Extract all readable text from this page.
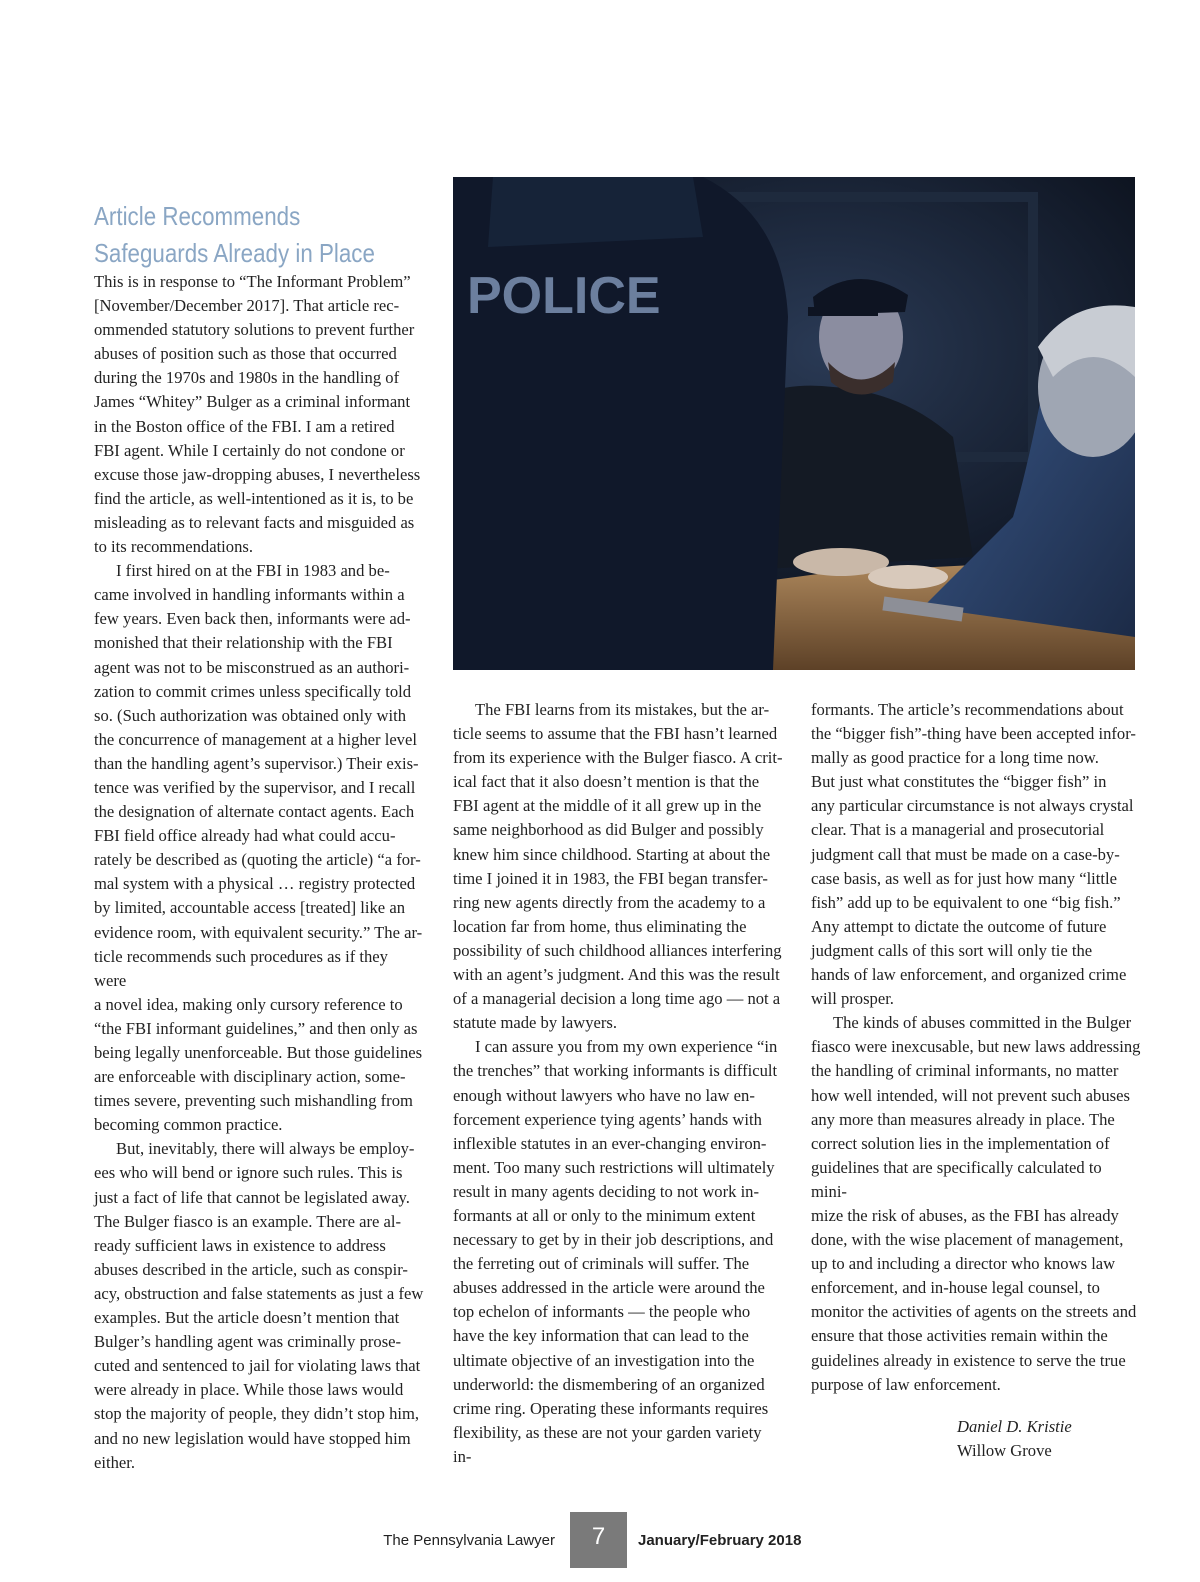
Article Recommends
Safeguards Already in Place

This is in response to “The Informant Problem”
[November/December 2017]. That article rec-
ommended statutory solutions to prevent further
abuses of position such as those that occurred
during the 1970s and 1980s in the handling of
James “Whitey” Bulger as a criminal informant
in the Boston office of the FBI. I am a retired
FBI agent. While I certainly do not condone or
excuse those jaw-dropping abuses, I nevertheless
find the article, as well-intentioned as it is, to be
misleading as to relevant facts and misguided as
to its recommendations.

I first hired on at the FBI in 1983 and be-
came involved in handling informants within a
few years. Even back then, informants were ad-
monished that their relationship with the FBI
agent was not to be misconstrued as an authori-
zation to commit crimes unless specifically told
so. (Such authorization was obtained only with
the concurrence of management at a higher level
than the handling agent’s supervisor.) Their exis-
tence was verified by the supervisor, and I recall
the designation of alternate contact agents. Each
FBI field office already had what could accu-
rately be described as (quoting the article) “a for-
mal system with a physical … registry protected
by limited, accountable access [treated] like an
evidence room, with equivalent security.” The ar-
ticle recommends such procedures as if they were
a novel idea, making only cursory reference to
“the FBI informant guidelines,” and then only as
being legally unenforceable. But those guidelines
are enforceable with disciplinary action, some-
times severe, preventing such mishandling from
becoming common practice.

But, inevitably, there will always be employ-
ees who will bend or ignore such rules. This is
just a fact of life that cannot be legislated away.
The Bulger fiasco is an example. There are al-
ready sufficient laws in existence to address
abuses described in the article, such as conspir-
acy, obstruction and false statements as just a few
examples. But the article doesn’t mention that
Bulger’s handling agent was criminally prose-
cuted and sentenced to jail for violating laws that
were already in place. While those laws would
stop the majority of people, they didn’t stop him,
and no new legislation would have stopped him
either.

POLICE

The FBI learns from its mistakes, but the ar-
ticle seems to assume that the FBI hasn’t learned
from its experience with the Bulger fiasco. A crit-
ical fact that it also doesn’t mention is that the
FBI agent at the middle of it all grew up in the
same neighborhood as did Bulger and possibly
knew him since childhood. Starting at about the
time I joined it in 1983, the FBI began transfer-
ring new agents directly from the academy to a
location far from home, thus eliminating the
possibility of such childhood alliances interfering
with an agent’s judgment. And this was the result
of a managerial decision a long time ago — not a
statute made by lawyers.

I can assure you from my own experience “in
the trenches” that working informants is difficult
enough without lawyers who have no law en-
forcement experience tying agents’ hands with
inflexible statutes in an ever-changing environ-
ment. Too many such restrictions will ultimately
result in many agents deciding to not work in-
formants at all or only to the minimum extent
necessary to get by in their job descriptions, and
the ferreting out of criminals will suffer. The
abuses addressed in the article were around the
top echelon of informants — the people who
have the key information that can lead to the
ultimate objective of an investigation into the
underworld: the dismembering of an organized
crime ring. Operating these informants requires
flexibility, as these are not your garden variety in-

formants. The article’s recommendations about
the “bigger fish”-thing have been accepted infor-
mally as good practice for a long time now.
But just what constitutes the “bigger fish” in
any particular circumstance is not always crystal
clear. That is a managerial and prosecutorial
judgment call that must be made on a case-by-
case basis, as well as for just how many “little
fish” add up to be equivalent to one “big fish.”
Any attempt to dictate the outcome of future
judgment calls of this sort will only tie the
hands of law enforcement, and organized crime
will prosper.

The kinds of abuses committed in the Bulger
fiasco were inexcusable, but new laws addressing
the handling of criminal informants, no matter
how well intended, will not prevent such abuses
any more than measures already in place. The
correct solution lies in the implementation of
guidelines that are specifically calculated to mini-
mize the risk of abuses, as the FBI has already
done, with the wise placement of management,
up to and including a director who knows law
enforcement, and in-house legal counsel, to
monitor the activities of agents on the streets and
ensure that those activities remain within the
guidelines already in existence to serve the true
purpose of law enforcement.

Daniel D. Kristie
Willow Grove
The Pennsylvania Lawyer	7	January/February 2018
